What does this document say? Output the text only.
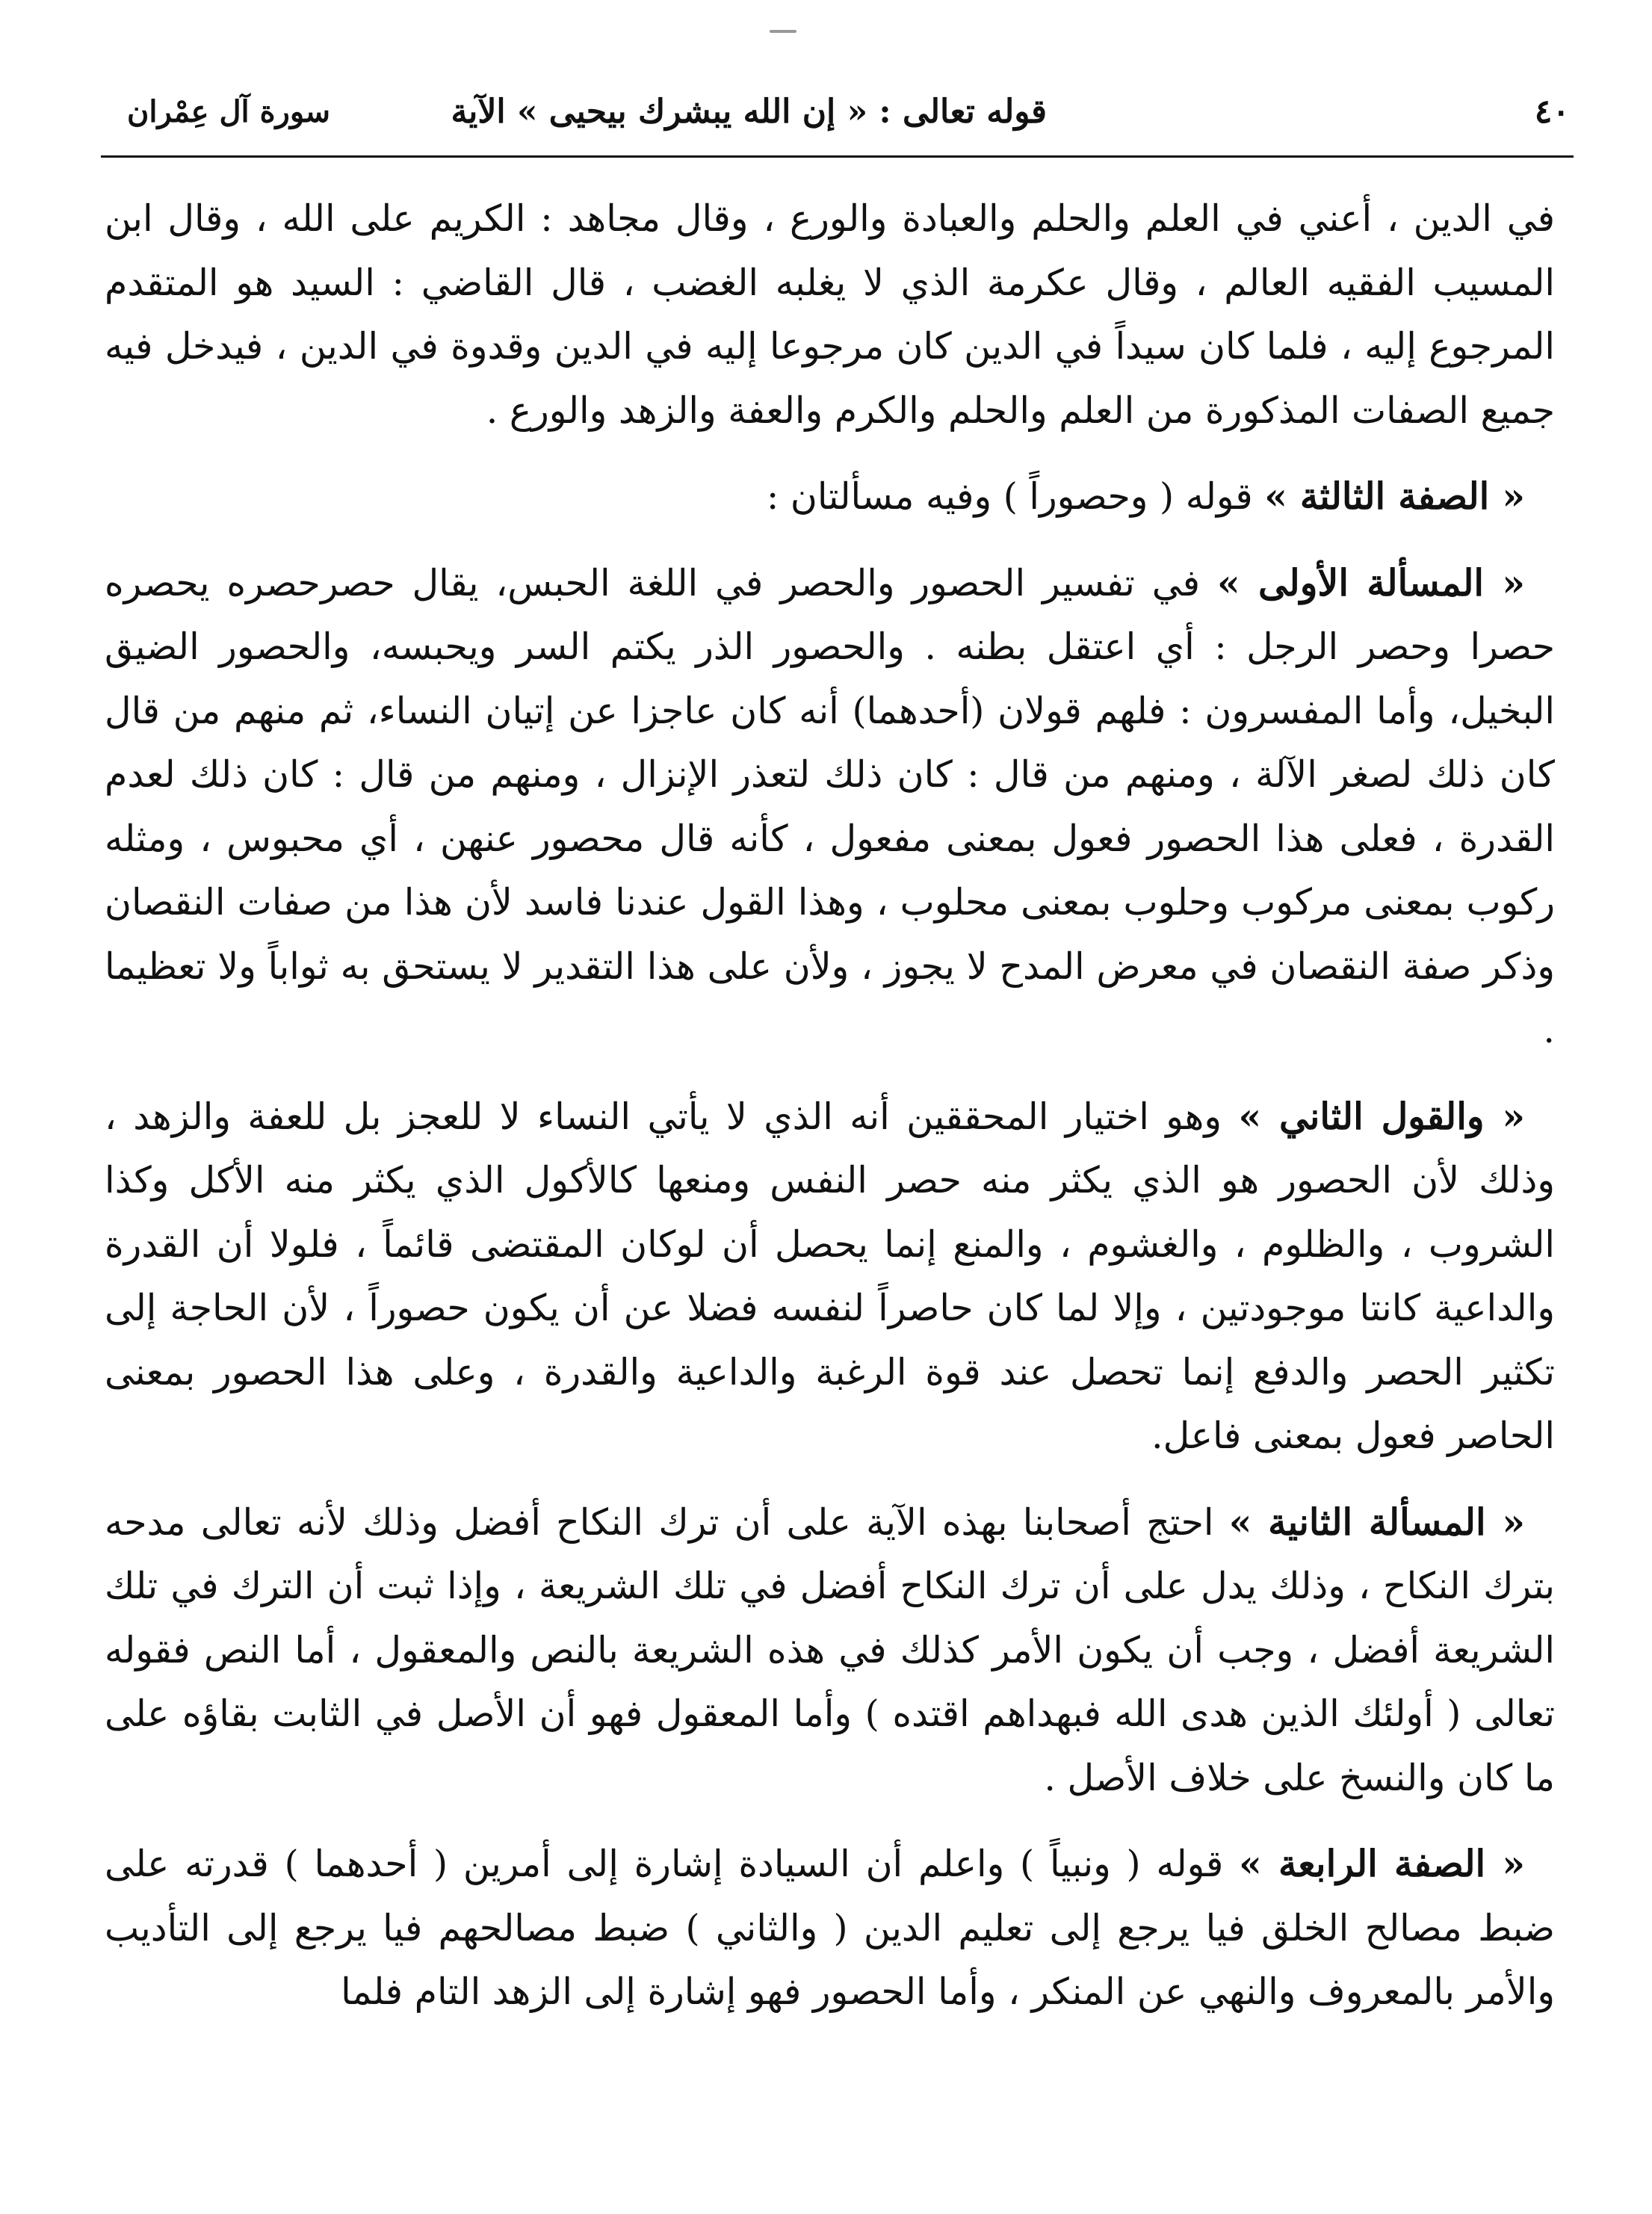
٤٠
قوله تعالى : « إن الله يبشرك بيحيى » الآية
سورة آل عِمْران

في الدين ، أعني في العلم والحلم والعبادة والورع ، وقال مجاهد : الكريم على الله ، وقال ابن المسيب الفقيه العالم ، وقال عكرمة الذي لا يغلبه الغضب ، قال القاضي : السيد هو المتقدم المرجوع إليه ، فلما كان سيداً في الدين كان مرجوعا إليه في الدين وقدوة في الدين ، فيدخل فيه جميع الصفات المذكورة من العلم والحلم والكرم والعفة والزهد والورع .

« الصفة الثالثة » قوله ( وحصوراً ) وفيه مسألتان :

« المسألة الأولى » في تفسير الحصور والحصر في اللغة الحبس، يقال حصرحصره يحصره حصرا وحصر الرجل : أي اعتقل بطنه . والحصور الذر يكتم السر ويحبسه، والحصور الضيق البخيل، وأما المفسرون : فلهم قولان (أحدهما) أنه كان عاجزا عن إتيان النساء، ثم منهم من قال كان ذلك لصغر الآلة ، ومنهم من قال : كان ذلك لتعذر الإنزال ، ومنهم من قال : كان ذلك لعدم القدرة ، فعلى هذا الحصور فعول بمعنى مفعول ، كأنه قال محصور عنهن ، أي محبوس ، ومثله ركوب بمعنى مركوب وحلوب بمعنى محلوب ، وهذا القول عندنا فاسد لأن هذا من صفات النقصان وذكر صفة النقصان في معرض المدح لا يجوز ، ولأن على هذا التقدير لا يستحق به ثواباً ولا تعظيما .

« والقول الثاني » وهو اختيار المحققين أنه الذي لا يأتي النساء لا للعجز بل للعفة والزهد ، وذلك لأن الحصور هو الذي يكثر منه حصر النفس ومنعها كالأكول الذي يكثر منه الأكل وكذا الشروب ، والظلوم ، والغشوم ، والمنع إنما يحصل أن لوكان المقتضى قائماً ، فلولا أن القدرة والداعية كانتا موجودتين ، وإلا لما كان حاصراً لنفسه فضلا عن أن يكون حصوراً ، لأن الحاجة إلى تكثير الحصر والدفع إنما تحصل عند قوة الرغبة والداعية والقدرة ، وعلى هذا الحصور بمعنى الحاصر فعول بمعنى فاعل.

« المسألة الثانية » احتج أصحابنا بهذه الآية على أن ترك النكاح أفضل وذلك لأنه تعالى مدحه بترك النكاح ، وذلك يدل على أن ترك النكاح أفضل في تلك الشريعة ، وإذا ثبت أن الترك في تلك الشريعة أفضل ، وجب أن يكون الأمر كذلك في هذه الشريعة بالنص والمعقول ، أما النص فقوله تعالى ( أولئك الذين هدى الله فبهداهم اقتده ) وأما المعقول فهو أن الأصل في الثابت بقاؤه على ما كان والنسخ على خلاف الأصل .

« الصفة الرابعة » قوله ( ونبياً ) واعلم أن السيادة إشارة إلى أمرين ( أحدهما ) قدرته على ضبط مصالح الخلق فيا يرجع إلى تعليم الدين ( والثاني ) ضبط مصالحهم فيا يرجع إلى التأديب والأمر بالمعروف والنهي عن المنكر ، وأما الحصور فهو إشارة إلى الزهد التام فلما
